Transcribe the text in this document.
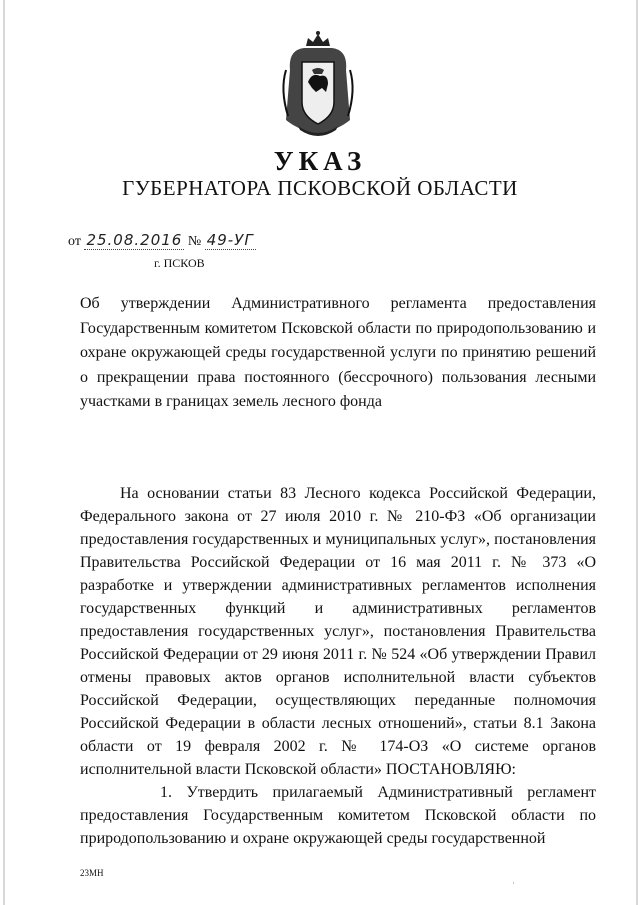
УКАЗ
ГУБЕРНАТОРА ПСКОВСКОЙ ОБЛАСТИ
от 25.08.2016 № 49-УГ
г. ПСКОВ
Об утверждении Административного регламента предоставления Государственным комитетом Псковской области по природопользованию и охране окружающей среды государственной услуги по принятию решений о прекращении права постоянного (бессрочного) пользования лесными участками в границах земель лесного фонда

На основании статьи 83 Лесного кодекса Российской Федерации, Федерального закона от 27 июля 2010 г. № 210-ФЗ «Об организации предоставления государственных и муниципальных услуг», постановления Правительства Российской Федерации от 16 мая 2011 г. № 373 «О разработке и утверждении административных регламентов исполнения государственных функций и административных регламентов предоставления государственных услуг», постановления Правительства Российской Федерации от 29 июня 2011 г. № 524 «Об утверждении Правил отмены правовых актов органов исполнительной власти субъектов Российской Федерации, осуществляющих переданные полномочия Российской Федерации в области лесных отношений», статьи 8.1 Закона области от 19 февраля 2002 г. № 174-ОЗ «О системе органов исполнительной власти Псковской области» ПОСТАНОВЛЯЮ:

1. Утвердить прилагаемый Административный регламент предоставления Государственным комитетом Псковской области по природопользованию и охране окружающей среды государственной

23МН
·
